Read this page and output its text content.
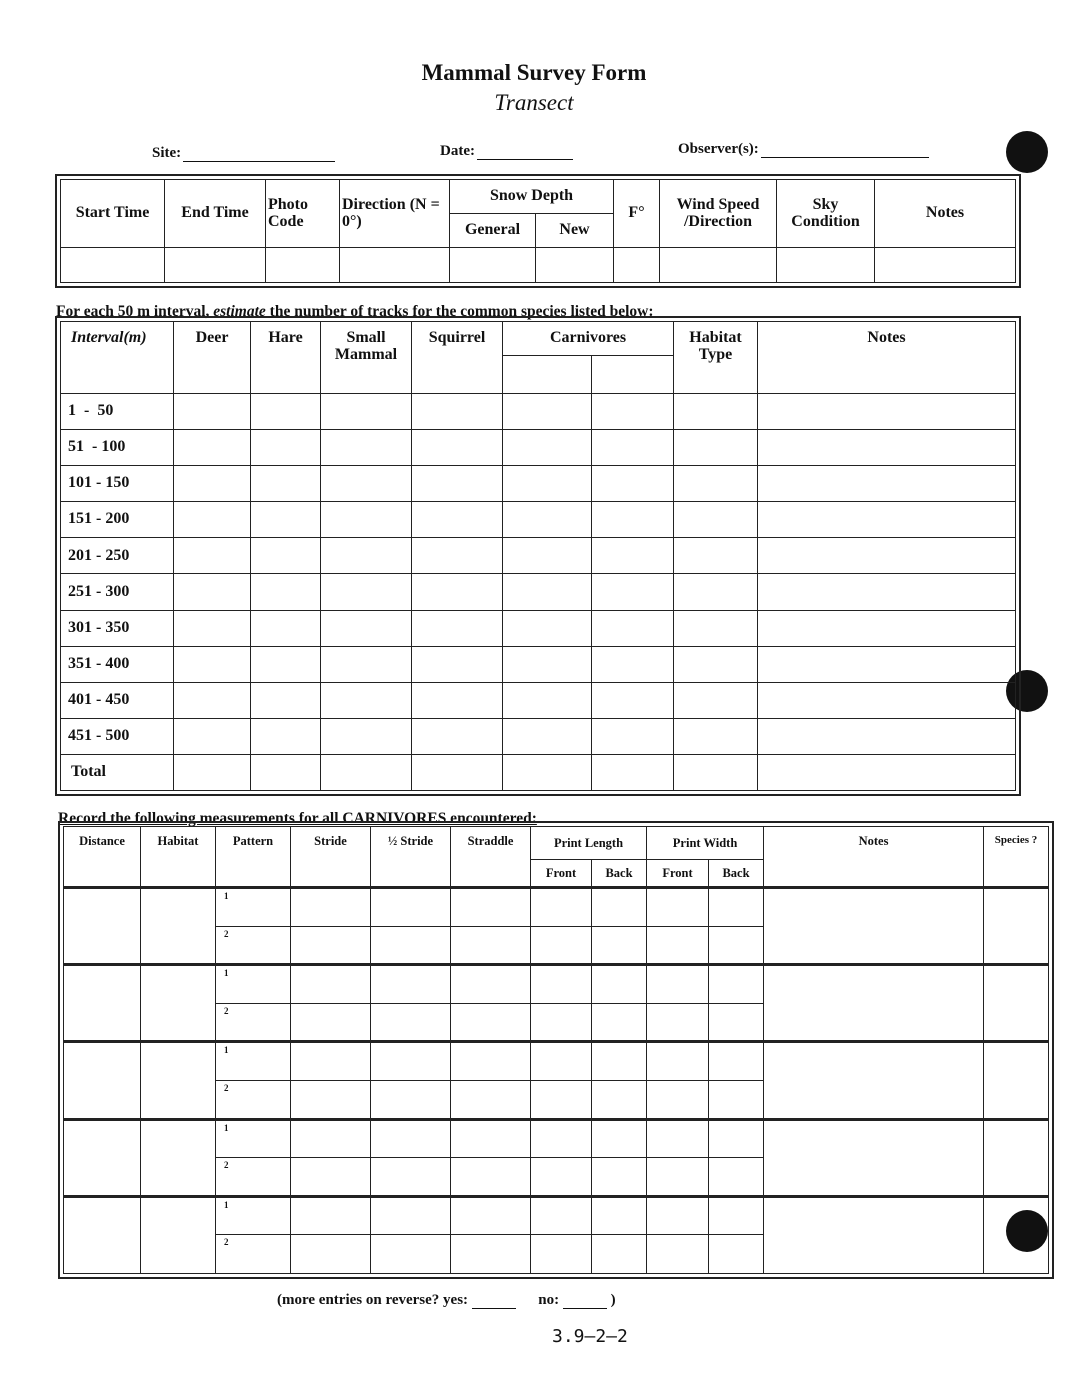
Mammal Survey Form
Transect
Site:	Date:	Observer(s):
Start Time	End Time	Photo Code	Direction (N = 0°)	Snow Depth		F°	Wind Speed /Direction	Sky Condition	Notes
				General	New				

For each 50 m interval, estimate the number of tracks for the common species listed below:
Interval(m)	Deer	Hare	Small Mammal	Squirrel	Carnivores		Habitat Type	Notes

1  -  50								
51  - 100								
101 - 150								
151 - 200								
201 - 250								
251 - 300								
301 - 350								
351 - 400								
401 - 450								
451 - 500								
Total								
Record the following measurements for all CARNIVORES encountered:
Distance	Habitat	Pattern	Stride	½ Stride	Straddle	Print Length		Print Width		Notes	Species ?
						Front	Back	Front	Back		
		1									
		2									
		1									
		2									
		1									
		2									
		1									
		2									
		1									
		2									
(more entries on reverse? yes:	no:	)
3.9–2–2
